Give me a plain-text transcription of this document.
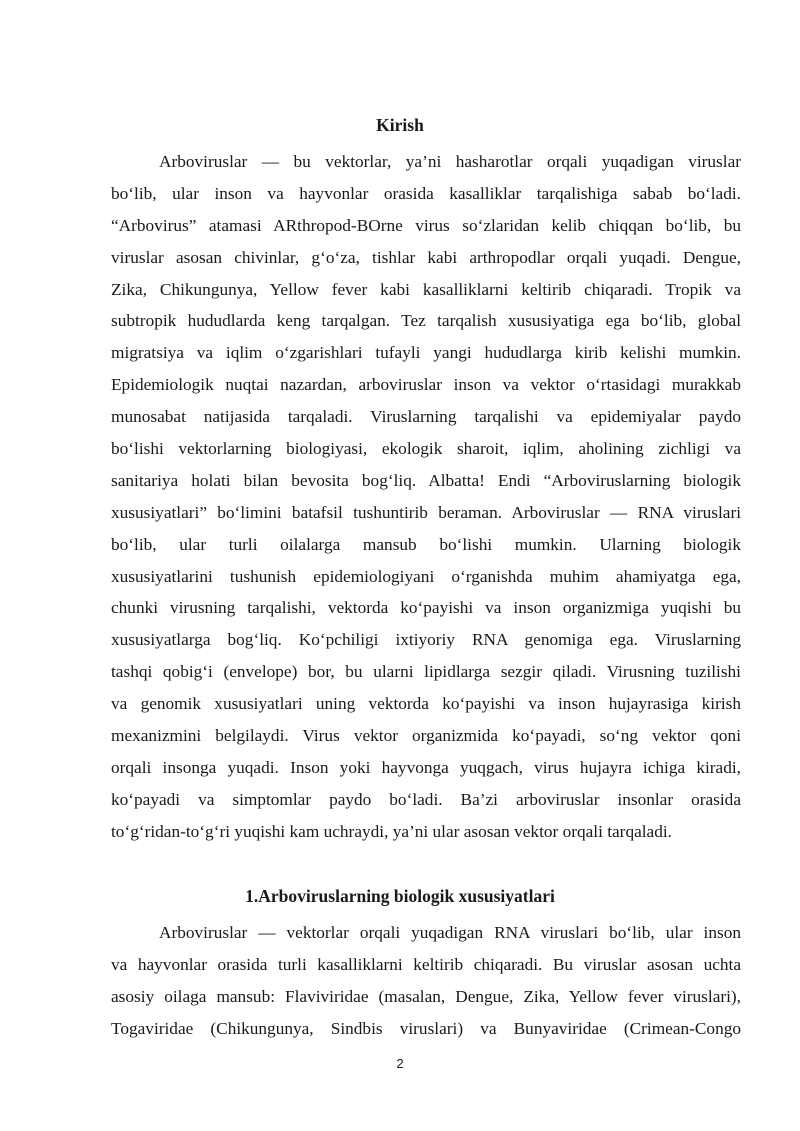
Kirish
Arboviruslar — bu vektorlar, ya’ni hasharotlar orqali yuqadigan viruslar
bo‘lib, ular inson va hayvonlar orasida kasalliklar tarqalishiga sabab bo‘ladi.
“Arbovirus” atamasi ARthropod-BOrne virus so‘zlaridan kelib chiqqan bo‘lib, bu
viruslar asosan chivinlar, g‘o‘za, tishlar kabi arthropodlar orqali yuqadi. Dengue,
Zika, Chikungunya, Yellow fever kabi kasalliklarni keltirib chiqaradi. Tropik va
subtropik hududlarda keng tarqalgan. Tez tarqalish xususiyatiga ega bo‘lib, global
migratsiya va iqlim o‘zgarishlari tufayli yangi hududlarga kirib kelishi mumkin.
Epidemiologik nuqtai nazardan, arboviruslar inson va vektor o‘rtasidagi murakkab
munosabat natijasida tarqaladi. Viruslarning tarqalishi va epidemiyalar paydo
bo‘lishi vektorlarning biologiyasi, ekologik sharoit, iqlim, aholining zichligi va
sanitariya holati bilan bevosita bog‘liq. Albatta! Endi “Arboviruslarning biologik
xususiyatlari” bo‘limini batafsil tushuntirib beraman. Arboviruslar — RNA viruslari
bo‘lib, ular turli oilalarga mansub bo‘lishi mumkin. Ularning biologik
xususiyatlarini tushunish epidemiologiyani o‘rganishda muhim ahamiyatga ega,
chunki virusning tarqalishi, vektorda ko‘payishi va inson organizmiga yuqishi bu
xususiyatlarga bog‘liq. Ko‘pchiligi ixtiyoriy RNA genomiga ega. Viruslarning
tashqi qobig‘i (envelope) bor, bu ularni lipidlarga sezgir qiladi. Virusning tuzilishi
va genomik xususiyatlari uning vektorda ko‘payishi va inson hujayrasiga kirish
mexanizmini belgilaydi. Virus vektor organizmida ko‘payadi, so‘ng vektor qoni
orqali insonga yuqadi. Inson yoki hayvonga yuqgach, virus hujayra ichiga kiradi,
ko‘payadi va simptomlar paydo bo‘ladi. Ba’zi arboviruslar insonlar orasida
to‘g‘ridan-to‘g‘ri yuqishi kam uchraydi, ya’ni ular asosan vektor orqali tarqaladi.
1.Arboviruslarning biologik xususiyatlari
Arboviruslar — vektorlar orqali yuqadigan RNA viruslari bo‘lib, ular inson
va hayvonlar orasida turli kasalliklarni keltirib chiqaradi. Bu viruslar asosan uchta
asosiy oilaga mansub: Flaviviridae (masalan, Dengue, Zika, Yellow fever viruslari),
Togaviridae (Chikungunya, Sindbis viruslari) va Bunyaviridae (Crimean-Congo
2
